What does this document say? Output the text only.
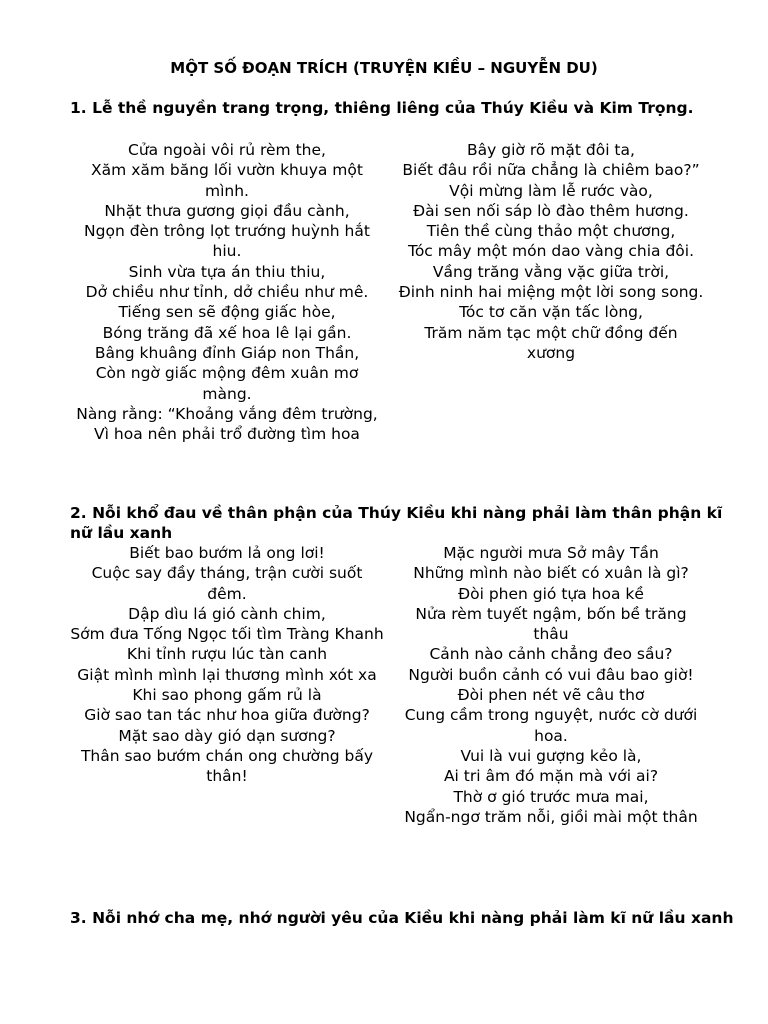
MỘT SỐ ĐOẠN TRÍCH (TRUYỆN KIỀU – NGUYỄN DU)
1. Lễ thề nguyền trang trọng, thiêng liêng của Thúy Kiều và Kim Trọng.
Cửa ngoài vôi rủ rèm the,
Xăm xăm băng lối vườn khuya một mình.
Nhặt thưa gương giọi đầu cành,
Ngọn đèn trông lọt trướng huỳnh hắt hiu.
Sinh vừa tựa án thiu thiu,
Dở chiều như tỉnh, dở chiều như mê.
Tiếng sen sẽ động giấc hòe,
Bóng trăng đã xế hoa lê lại gần.
Bâng khuâng đỉnh Giáp non Thần,
Còn ngờ giấc mộng đêm xuân mơ màng.
Nàng rằng: “Khoảng vắng đêm trường,
Vì hoa nên phải trổ đường tìm hoa
Bây giờ rõ mặt đôi ta,
Biết đâu rồi nữa chẳng là chiêm bao?”
Vội mừng làm lễ rước vào,
Đài sen nối sáp lò đào thêm hương.
Tiên thề cùng thảo một chương,
Tóc mây một món dao vàng chia đôi.
Vầng trăng vằng vặc giữa trời,
Đinh ninh hai miệng một lời song song.
Tóc tơ căn vặn tấc lòng,
Trăm năm tạc một chữ đồng đến xương
2. Nỗi khổ đau về thân phận của Thúy Kiều khi nàng phải làm thân phận kĩ nữ lầu xanh
Biết bao bướm lả ong lơi!
Cuộc say đầy tháng, trận cười suốt đêm.
Dập dìu lá gió cành chim,
Sớm đưa Tống Ngọc tối tìm Tràng Khanh
Khi tỉnh rượu lúc tàn canh
Giật mình mình lại thương mình xót xa
Khi sao phong gấm rủ là
Giờ sao tan tác như hoa giữa đường?
Mặt sao dày gió dạn sương?
Thân sao bướm chán ong chường bấy thân!
Mặc người mưa Sở mây Tần
Những mình nào biết có xuân là gì?
Đòi phen gió tựa hoa kề
Nửa rèm tuyết ngậm, bốn bề trăng thâu
Cảnh nào cảnh chẳng đeo sầu?
Người buồn cảnh có vui đâu bao giờ!
Đòi phen nét vẽ câu thơ
Cung cầm trong nguyệt, nước cờ dưới hoa.
Vui là vui gượng kẻo là,
Ai tri âm đó mặn mà với ai?
Thờ ơ gió trước mưa mai,
Ngẩn-ngơ trăm nỗi, giồi mài một thân
3. Nỗi nhớ cha mẹ, nhớ người yêu của Kiều khi nàng phải làm kĩ nữ lầu xanh
